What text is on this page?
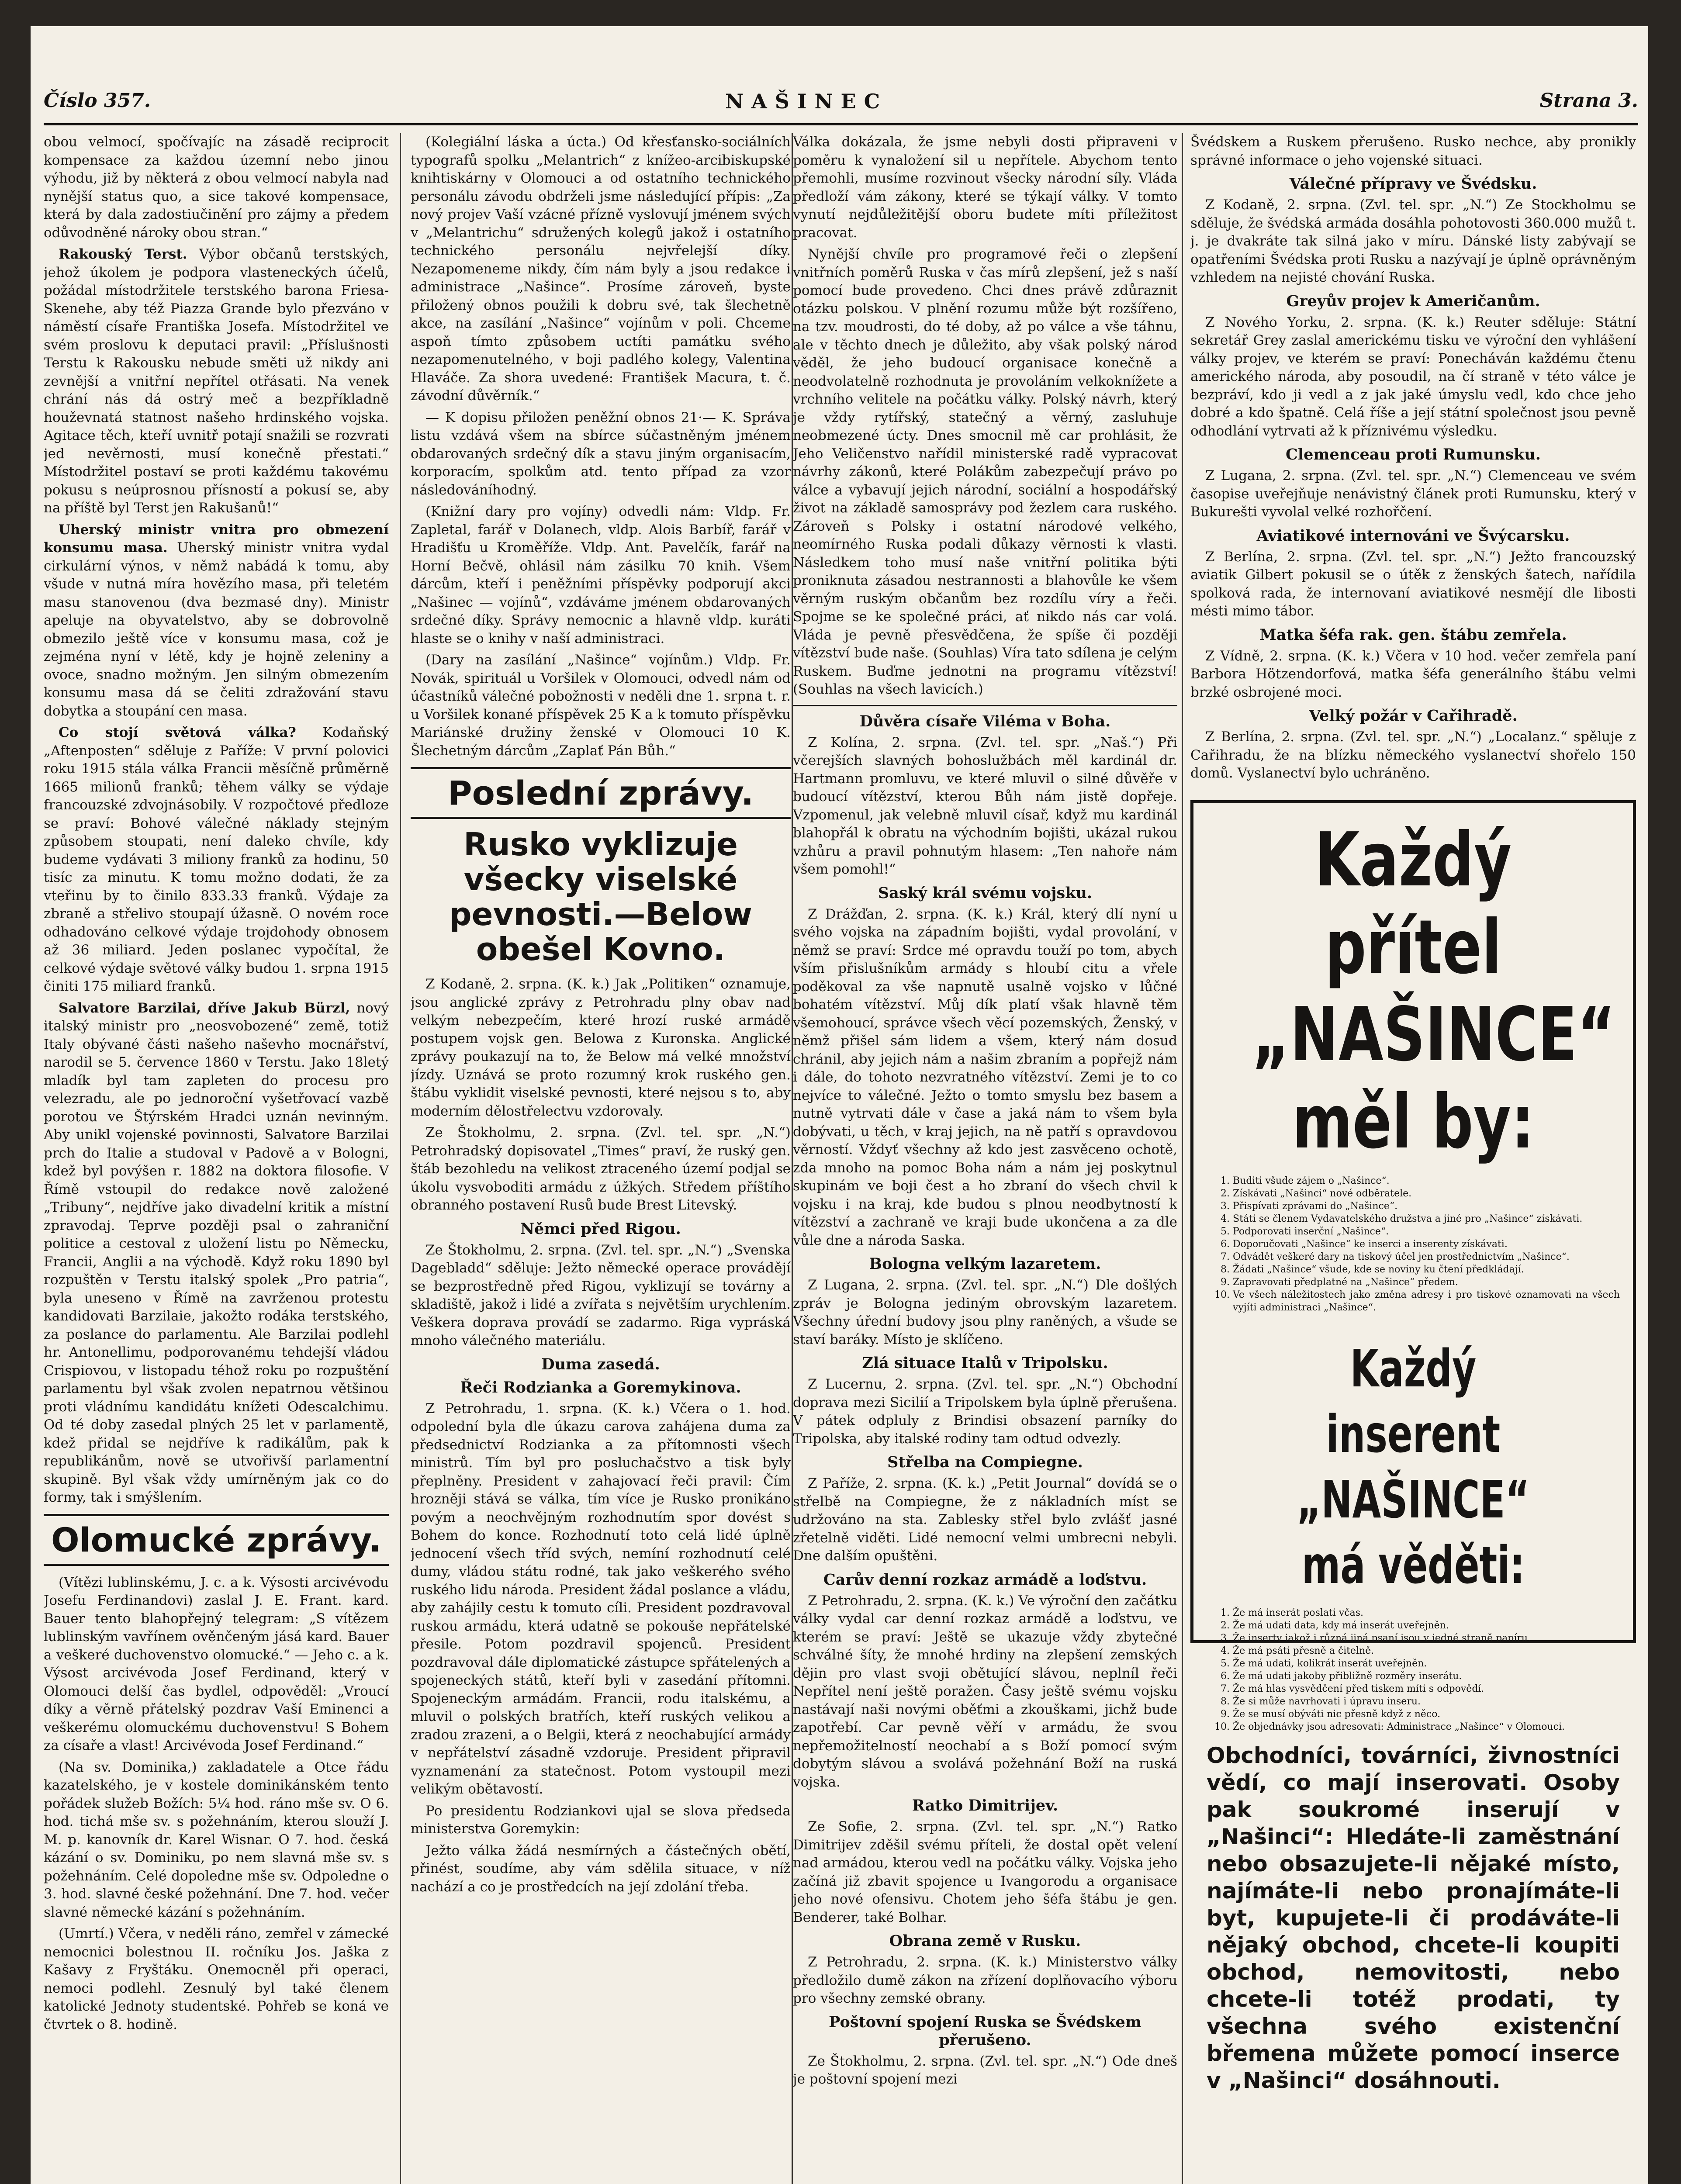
Číslo 357.	NAŠINEC	Strana 3.

obou velmocí, spočívajíc na zásadě reciprocit kompensace za každou územní nebo jinou výhodu, již by některá z obou velmocí nabyla nad nynější status quo, a sice takové kompensace, která by dala zadostiučinění pro zájmy a předem odůvodněné nároky obou stran.“

Rakouský Terst. Výbor občanů terstských, jehož úkolem je podpora vlasteneckých účelů, požádal místodržitele terstského barona Friesa-Skenehe, aby též Piazza Grande bylo přezváno v náměstí císaře Františka Josefa. Místodržitel ve svém proslovu k deputaci pravil: „Příslušnosti Terstu k Rakousku nebude směti už nikdy ani zevnější a vnitřní nepřítel otřásati. Na venek chrání nás dá ostrý meč a bezpříkladně houževnatá statnost našeho hrdinského vojska. Agitace těch, kteří uvnitř potají snažili se rozvrati jed nevěrnosti, musí konečně přestati.“ Místodržitel postaví se proti každému takovému pokusu s neúprosnou přísností a pokusí se, aby na příště byl Terst jen Rakušanů!“

Uherský ministr vnitra pro obmezení konsumu masa. Uherský ministr vnitra vydal cirkulární výnos, v němž nabádá k tomu, aby všude v nutná míra hovězího masa, při teletém masu stanovenou (dva bezmasé dny). Ministr apeluje na obyvatelstvo, aby se dobrovolně obmezilo ještě více v konsumu masa, což je zejména nyní v létě, kdy je hojně zeleniny a ovoce, snadno možným. Jen silným obmezením konsumu masa dá se čeliti zdražování stavu dobytka a stoupání cen masa.

Co stojí světová válka? Kodaňský „Aftenposten“ sděluje z Paříže: V první polovici roku 1915 stála válka Francii měsíčně průměrně 1665 milionů franků; těhem války se výdaje francouzské zdvojnásobily. V rozpočtové předloze se praví: Bohové válečné náklady stejným způsobem stoupati, není daleko chvíle, kdy budeme vydávati 3 miliony franků za hodinu, 50 tisíc za minutu. K tomu možno dodati, že za vteřinu by to činilo 833.33 franků. Výdaje za zbraně a střelivo stoupají úžasně. O novém roce odhadováno celkové výdaje trojdohody obnosem až 36 miliard. Jeden poslanec vypočítal, že celkové výdaje světové války budou 1. srpna 1915 činiti 175 miliard franků.

Salvatore Barzilai, dříve Jakub Bürzl, nový italský ministr pro „neosvobozené“ země, totiž Italy obývané části našeho naševho mocnářství, narodil se 5. července 1860 v Terstu. Jako 18letý mladík byl tam zapleten do procesu pro velezradu, ale po jednoroční vyšetřovací vazbě porotou ve Štýrském Hradci uznán nevinným. Aby unikl vojenské povinnosti, Salvatore Barzilai prch do Italie a studoval v Padově a v Bologni, kdež byl povýšen r. 1882 na doktora filosofie. V Římě vstoupil do redakce nově založené „Tribuny“, nejdříve jako divadelní kritik a místní zpravodaj. Teprve později psal o zahraniční politice a cestoval z uložení listu po Německu, Francii, Anglii a na východě. Když roku 1890 byl rozpuštěn v Terstu italský spolek „Pro patria“, byla uneseno v Římě na zavrženou protestu kandidovati Barzilaie, jakožto rodáka terstského, za poslance do parlamentu. Ale Barzilai podlehl hr. Antonellimu, podporovanému tehdejší vládou Crispiovou, v listopadu téhož roku po rozpuštění parlamentu byl však zvolen nepatrnou většinou proti vládnímu kandidátu knížeti Odescalchimu. Od té doby zasedal plných 25 let v parlamentě, kdež přidal se nejdříve k radikálům, pak k republikánům, nově se utvořivší parlamentní skupině. Byl však vždy umírněným jak co do formy, tak i smýšlením.

Olomucké zprávy.

(Vítězi lublinskému, J. c. a k. Výsosti arcivévodu Josefu Ferdinandovi) zaslal J. E. Frant. kard. Bauer tento blahopřejný telegram: „S vítězem lublinským vavřínem ověnčeným jásá kard. Bauer a veškeré duchovenstvo olomucké.“ — Jeho c. a k. Výsost arcivévoda Josef Ferdinand, který v Olomouci delší čas bydlel, odpověděl: „Vroucí díky a věrně přátelský pozdrav Vaší Eminenci a veškerému olomuckému duchovenstvu! S Bohem za císaře a vlast! Arcivévoda Josef Ferdinand.“

(Na sv. Dominika,) zakladatele a Otce řádu kazatelského, je v kostele dominikánském tento pořádek služeb Božích: 5¼ hod. ráno mše sv. O 6. hod. tichá mše sv. s požehnáním, kterou slouží J. M. p. kanovník dr. Karel Wisnar. O 7. hod. česká kázání o sv. Dominiku, po nem slavná mše sv. s požehnáním. Celé dopoledne mše sv. Odpoledne o 3. hod. slavné české požehnání. Dne 7. hod. večer slavné německé kázání s požehnáním.

(Umrtí.) Včera, v neděli ráno, zemřel v zámecké nemocnici bolestnou II. ročníku Jos. Jaška z Kašavy z Fryštáku. Onemocněl při operaci, nemoci podlehl. Zesnulý byl také členem katolické Jednoty studentské. Pohřeb se koná ve čtvrtek o 8. hodině.

(Kolegiální láska a úcta.) Od křesťansko-sociálních typografů spolku „Melantrich“ z knížeo-arcibiskupské knihtiskárny v Olomouci a od ostatního technického personálu závodu obdrželi jsme následující přípis: „Za nový projev Vaší vzácné přízně vyslovují jménem svých v „Melantrichu“ sdružených kolegů jakož i ostatního technického personálu nejvřelejší díky. Nezapomeneme nikdy, čím nám byly a jsou redakce i administrace „Našince“. Prosíme zároveň, byste přiložený obnos použili k dobru své, tak šlechetně akce, na zasílání „Našince“ vojínům v poli. Chceme aspoň tímto způsobem uctíti památku svého nezapomenutelného, v boji padlého kolegy, Valentina Hlaváče. Za shora uvedené: František Macura, t. č. závodní důvěrník.“

— K dopisu přiložen peněžní obnos 21·— K. Správa listu vzdává všem na sbírce súčastněným jménem obdarovaných srdečný dík a stavu jiným organisacím, korporacím, spolkům atd. tento případ za vzor následováníhodný.

(Knižní dary pro vojíny) odvedli nám: Vldp. Fr. Zapletal, farář v Dolanech, vldp. Alois Barbíř, farář v Hradišťu u Kroměříže. Vldp. Ant. Pavelčík, farář na Horní Bečvě, ohlásil nám zásilku 70 knih. Všem dárcům, kteří i peněžními příspěvky podporují akci „Našinec — vojínů“, vzdáváme jménem obdarovaných srdečné díky. Správy nemocnic a hlavně vldp. kuráti hlaste se o knihy v naší administraci.

(Dary na zasílání „Našince“ vojínům.) Vldp. Fr. Novák, spirituál u Voršilek v Olomouci, odvedl nám od účastníků válečné pobožnosti v neděli dne 1. srpna t. r. u Voršilek konané příspěvek 25 K a k tomuto příspěvku Mariánské družiny ženské v Olomouci 10 K. Šlechetným dárcům „Zaplať Pán Bůh.“

Poslední zprávy.
Rusko vyklizuje všecky viselské pevnosti.—Below obešel Kovno.

Z Kodaně, 2. srpna. (K. k.) Jak „Politiken“ oznamuje, jsou anglické zprávy z Petrohradu plny obav nad velkým nebezpečím, které hrozí ruské armádě postupem vojsk gen. Belowa z Kuronska. Anglické zprávy poukazují na to, že Below má velké množství jízdy. Uznává se proto rozumný krok ruského gen. štábu vyklidit viselské pevnosti, které nejsou s to, aby moderním dělostřelectvu vzdorovaly.

Ze Štokholmu, 2. srpna. (Zvl. tel. spr. „N.“) Petrohradský dopisovatel „Times“ praví, že ruský gen. štáb bezohledu na velikost ztraceného území podjal se úkolu vysvoboditi armádu z úžkých. Středem příštího obranného postavení Rusů bude Brest Litevský.

Němci před Rigou.

Ze Štokholmu, 2. srpna. (Zvl. tel. spr. „N.“) „Svenska Dagebladd“ sděluje: Ježto německé operace provádějí se bezprostředně před Rigou, vyklizují se továrny a skladiště, jakož i lidé a zvířata s největším urychlením. Veškera doprava provádí se zadarmo. Riga vypráská mnoho válečného materiálu.

Duma zasedá.
Řeči Rodzianka a Goremykinova.

Z Petrohradu, 1. srpna. (K. k.) Včera o 1. hod. odpolední byla dle úkazu carova zahájena duma za předsednictví Rodzianka a za přítomnosti všech ministrů. Tím byl pro posluchačstvo a tisk byly přeplněny. President v zahajovací řeči pravil: Čím hrozněji stává se válka, tím více je Rusko pronikáno povým a neochvějným rozhodnutím spor dovést s Bohem do konce. Rozhodnutí toto celá lidé úplně jednocení všech tříd svých, nemíní rozhodnutí celé dumy, vládou státu rodné, tak jako veškerého svého ruského lidu národa. President žádal poslance a vládu, aby zahájily cestu k tomuto cíli. President pozdravoval ruskou armádu, která udatně se pokouše nepřátelské přesile. Potom pozdravil spojenců. President pozdravoval dále diplomatické zástupce spřátelených a spojeneckých států, kteří byli v zasedání přítomni. Spojeneckým armádám. Francii, rodu italskému, a mluvil o polských bratřích, kteří ruských velikou a zradou zrazeni, a o Belgii, která z neochabující armády v nepřátelství zásadně vzdoruje. President připravil vyznamenání za statečnost. Potom vystoupil mezi velikým obětavostí.

Po presidentu Rodziankovi ujal se slova předseda ministerstva Goremykin:

Ježto válka žádá nesmírných a částečných obětí, přinést, soudíme, aby vám sdělila situace, v níž nachází a co je prostředcích na její zdolání třeba.

Válka dokázala, že jsme nebyli dosti připraveni v poměru k vynaložení sil u nepřítele. Abychom tento přemohli, musíme rozvinout všecky národní síly. Vláda předloží vám zákony, které se týkají války. V tomto vynutí nejdůležitější oboru budete míti příležitost pracovat.

Nynější chvíle pro programové řeči o zlepšení vnitřních poměrů Ruska v čas mírů zlepšení, jež s naší pomocí bude provedeno. Chci dnes právě zdůraznit otázku polskou. V plnění rozumu může být rozšířeno, na tzv. moudrosti, do té doby, až po válce a vše táhnu, ale v těchto dnech je důležito, aby však polský národ věděl, že jeho budoucí organisace konečně a neodvolatelně rozhodnuta je provoláním velkoknížete a vrchního velitele na počátku války. Polský návrh, který je vždy rytířský, statečný a věrný, zasluhuje neobmezené úcty. Dnes smocnil mě car prohlásit, že Jeho Veličenstvo nařídil ministerské radě vypracovat návrhy zákonů, které Polákům zabezpečují právo po válce a vybavují jejich národní, sociální a hospodářský život na základě samosprávy pod žezlem cara ruského. Zároveň s Polsky i ostatní národové velkého, neomírného Ruska podali důkazy věrnosti k vlasti. Následkem toho musí naše vnitřní politika býti proniknuta zásadou nestrannosti a blahovůle ke všem věrným ruským občanům bez rozdílu víry a řeči. Spojme se ke společné práci, ať nikdo nás car volá. Vláda je pevně přesvědčena, že spíše či později vítězství bude naše. (Souhlas) Víra tato sdílena je celým Ruskem. Buďme jednotni na programu vítězství! (Souhlas na všech lavicích.)

Důvěra císaře Viléma v Boha.

Z Kolína, 2. srpna. (Zvl. tel. spr. „Naš.“) Při včerejších slavných bohoslužbách měl kardinál dr. Hartmann promluvu, ve které mluvil o silné důvěře v budoucí vítězství, kterou Bůh nám jistě dopřeje. Vzpomenul, jak velebně mluvil císař, když mu kardinál blahopřál k obratu na východním bojišti, ukázal rukou vzhůru a pravil pohnutým hlasem: „Ten nahoře nám všem pomohl!“

Saský král svému vojsku.

Z Drážďan, 2. srpna. (K. k.) Král, který dlí nyní u svého vojska na západním bojišti, vydal provolání, v němž se praví: Srdce mé opravdu touží po tom, abych vším přislušníkům armády s hloubí citu a vřele poděkoval za vše napnutě usalně vojsko v lůčné bohatém vítězství. Můj dík platí však hlavně těm všemohoucí, správce všech věcí pozemských, Ženský, v němž přišel sám lidem a všem, který nám dosud chránil, aby jejich nám a našim zbraním a popřejž nám i dále, do tohoto nezvratného vítězství. Zemi je to co nejvíce to válečné. Ježto o tomto smyslu bez basem a nutně vytrvati dále v čase a jaká nám to všem byla dobývati, u těch, v kraj jejich, na ně patří s opravdovou věrností. Vždyť všechny až kdo jest zasvěceno ochotě, zda mnoho na pomoc Boha nám a nám jej poskytnul skupinám ve boji čest a ho zbraní do všech chvil k vojsku i na kraj, kde budou s plnou neodbytností k vítězství a zachraně ve kraji bude ukončena a za dle vůle dne a národa Saska.

Bologna velkým lazaretem.

Z Lugana, 2. srpna. (Zvl. tel. spr. „N.“) Dle došlých zpráv je Bologna jediným obrovským lazaretem. Všechny úřední budovy jsou plny raněných, a všude se staví baráky. Místo je sklíčeno.

Zlá situace Italů v Tripolsku.

Z Lucernu, 2. srpna. (Zvl. tel. spr. „N.“) Obchodní doprava mezi Sicilií a Tripolskem byla úplně přerušena. V pátek odpluly z Brindisi obsazení parníky do Tripolska, aby italské rodiny tam odtud odvezly.

Střelba na Compiegne.

Z Paříže, 2. srpna. (K. k.) „Petit Journal“ dovídá se o střelbě na Compiegne, že z nákladních míst se udržováno na sta. Zablesky střel bylo zvlášť jasné zřetelně viděti. Lidé nemocní velmi umbrecni nebyli. Dne dalším opuštěni.

Carův denní rozkaz armádě a loďstvu.

Z Petrohradu, 2. srpna. (K. k.) Ve výroční den začátku války vydal car denní rozkaz armádě a loďstvu, ve kterém se praví: Ještě se ukazuje vždy zbytečné schválné šíty, že mnohé hrdiny na zlepšení zemských dějin pro vlast svoji obětující slávou, neplníl řeči Nepřítel není ještě poražen. Časy ještě svému vojsku nastávají naši novými oběťmi a zkouškami, jichž bude zapotřebí. Car pevně věří v armádu, že svou nepřemožitelností neochabí a s Boží pomocí svým dobytým slávou a svolává požehnání Boží na ruská vojska.

Ratko Dimitrijev.

Ze Sofie, 2. srpna. (Zvl. tel. spr. „N.“) Ratko Dimitrijev zděšil svému příteli, že dostal opět velení nad armádou, kterou vedl na počátku války. Vojska jeho začíná již zbavit spojence u Ivangorodu a organisace jeho nové ofensivu. Chotem jeho šéfa štábu je gen. Benderer, také Bolhar.

Obrana země v Rusku.

Z Petrohradu, 2. srpna. (K. k.) Ministerstvo války předložilo dumě zákon na zřízení doplňovacího výboru pro všechny zemské obrany.

Poštovní spojení Ruska se Švédskem přerušeno.

Ze Štokholmu, 2. srpna. (Zvl. tel. spr. „N.“) Ode dneš je poštovní spojení mezi

Švédskem a Ruskem přerušeno. Rusko nechce, aby pronikly správné informace o jeho vojenské situaci.

Válečné přípravy ve Švédsku.

Z Kodaně, 2. srpna. (Zvl. tel. spr. „N.“) Ze Stockholmu se sděluje, že švédská armáda dosáhla pohotovosti 360.000 mužů t. j. je dvakráte tak silná jako v míru. Dánské listy zabývají se opatřeními Švédska proti Rusku a nazývají je úplně oprávněným vzhledem na nejisté chování Ruska.

Greyův projev k Američanům.

Z Nového Yorku, 2. srpna. (K. k.) Reuter sděluje: Státní sekretář Grey zaslal americkému tisku ve výroční den vyhlášení války projev, ve kterém se praví: Ponecháván každému čtenu amerického národa, aby posoudil, na čí straně v této válce je bezpráví, kdo ji vedl a z jak jaké úmyslu vedl, kdo chce jeho dobré a kdo špatně. Celá říše a její státní společnost jsou pevně odhodlání vytrvati až k příznivému výsledku.

Clemenceau proti Rumunsku.

Z Lugana, 2. srpna. (Zvl. tel. spr. „N.“) Clemenceau ve svém časopise uveřejňuje nenávistný článek proti Rumunsku, který v Bukurešti vyvolal velké rozhořčení.

Aviatikové internováni ve Švýcarsku.

Z Berlína, 2. srpna. (Zvl. tel. spr. „N.“) Ježto francouzský aviatik Gilbert pokusil se o útěk z ženských šatech, nařídila spolková rada, že internovaní aviatikové nesmějí dle libosti mésti mimo tábor.

Matka šéfa rak. gen. štábu zemřela.

Z Vídně, 2. srpna. (K. k.) Včera v 10 hod. večer zemřela paní Barbora Hötzendorfová, matka šéfa generálního štábu velmi brzké osbrojené moci.

Velký požár v Cařihradě.

Z Berlína, 2. srpna. (Zvl. tel. spr. „N.“) „Localanz.“ spěluje z Cařihradu, že na blízku německého vyslanectví shořelo 150 domů. Vyslanectví bylo uchráněno.

Každý přítel „NAŠINCE“ měl by:
1. Buditi všude zájem o „Našince“.
2. Získávati „Našinci“ nové odběratele.
3. Přispívati zprávami do „Našince“.
4. Státi se členem Vydavatelského družstva a jiné pro „Našince“ získávati.
5. Podporovati inserční „Našince“.
6. Doporučovati „Našince“ ke inserci a inserenty získávati.
7. Odvádět veškeré dary na tiskový účel jen prostřednictvím „Našince“.
8. Žádati „Našince“ všude, kde se noviny ku čtení předkládají.
9. Zapravovati předplatné na „Našince“ předem.
10. Ve všech náležitostech jako změna adresy i pro tiskové oznamovati na všech vyjíti administraci „Našince“.
Každý inserent „NAŠINCE“ má věděti:
1. Že má inserát poslati včas.
2. Že má udati data, kdy má inserát uveřejněn.
3. Že inserty jakož i různá jiná psaní jsou v jedné straně papíru.
4. Že má psáti přesně a čitelně.
5. Že má udati, kolikrát inserát uveřejněn.
6. Že má udati jakoby přibližně rozměry inserátu.
7. Že má hlas vysvědčení před tiskem míti s odpovědí.
8. Že si může navrhovati i úpravu inseru.
9. Že se musí obýváti nic přesně když z něco.
10. Že objednávky jsou adresovati: Administrace „Našince“ v Olomouci.
Obchodníci, továrníci, živnostníci vědí, co mají inserovati. Osoby pak soukromé inserují v „Našinci“: Hledáte-li zaměstnání nebo obsazujete-li nějaké místo, najímáte-li nebo pronajímáte-li byt, kupujete-li či prodáváte-li nějaký obchod, chcete-li koupiti obchod, nemovitosti, nebo chcete-li totéž prodati, ty všechna svého existenční břemena můžete pomocí inserce v „Našinci“ dosáhnouti.
